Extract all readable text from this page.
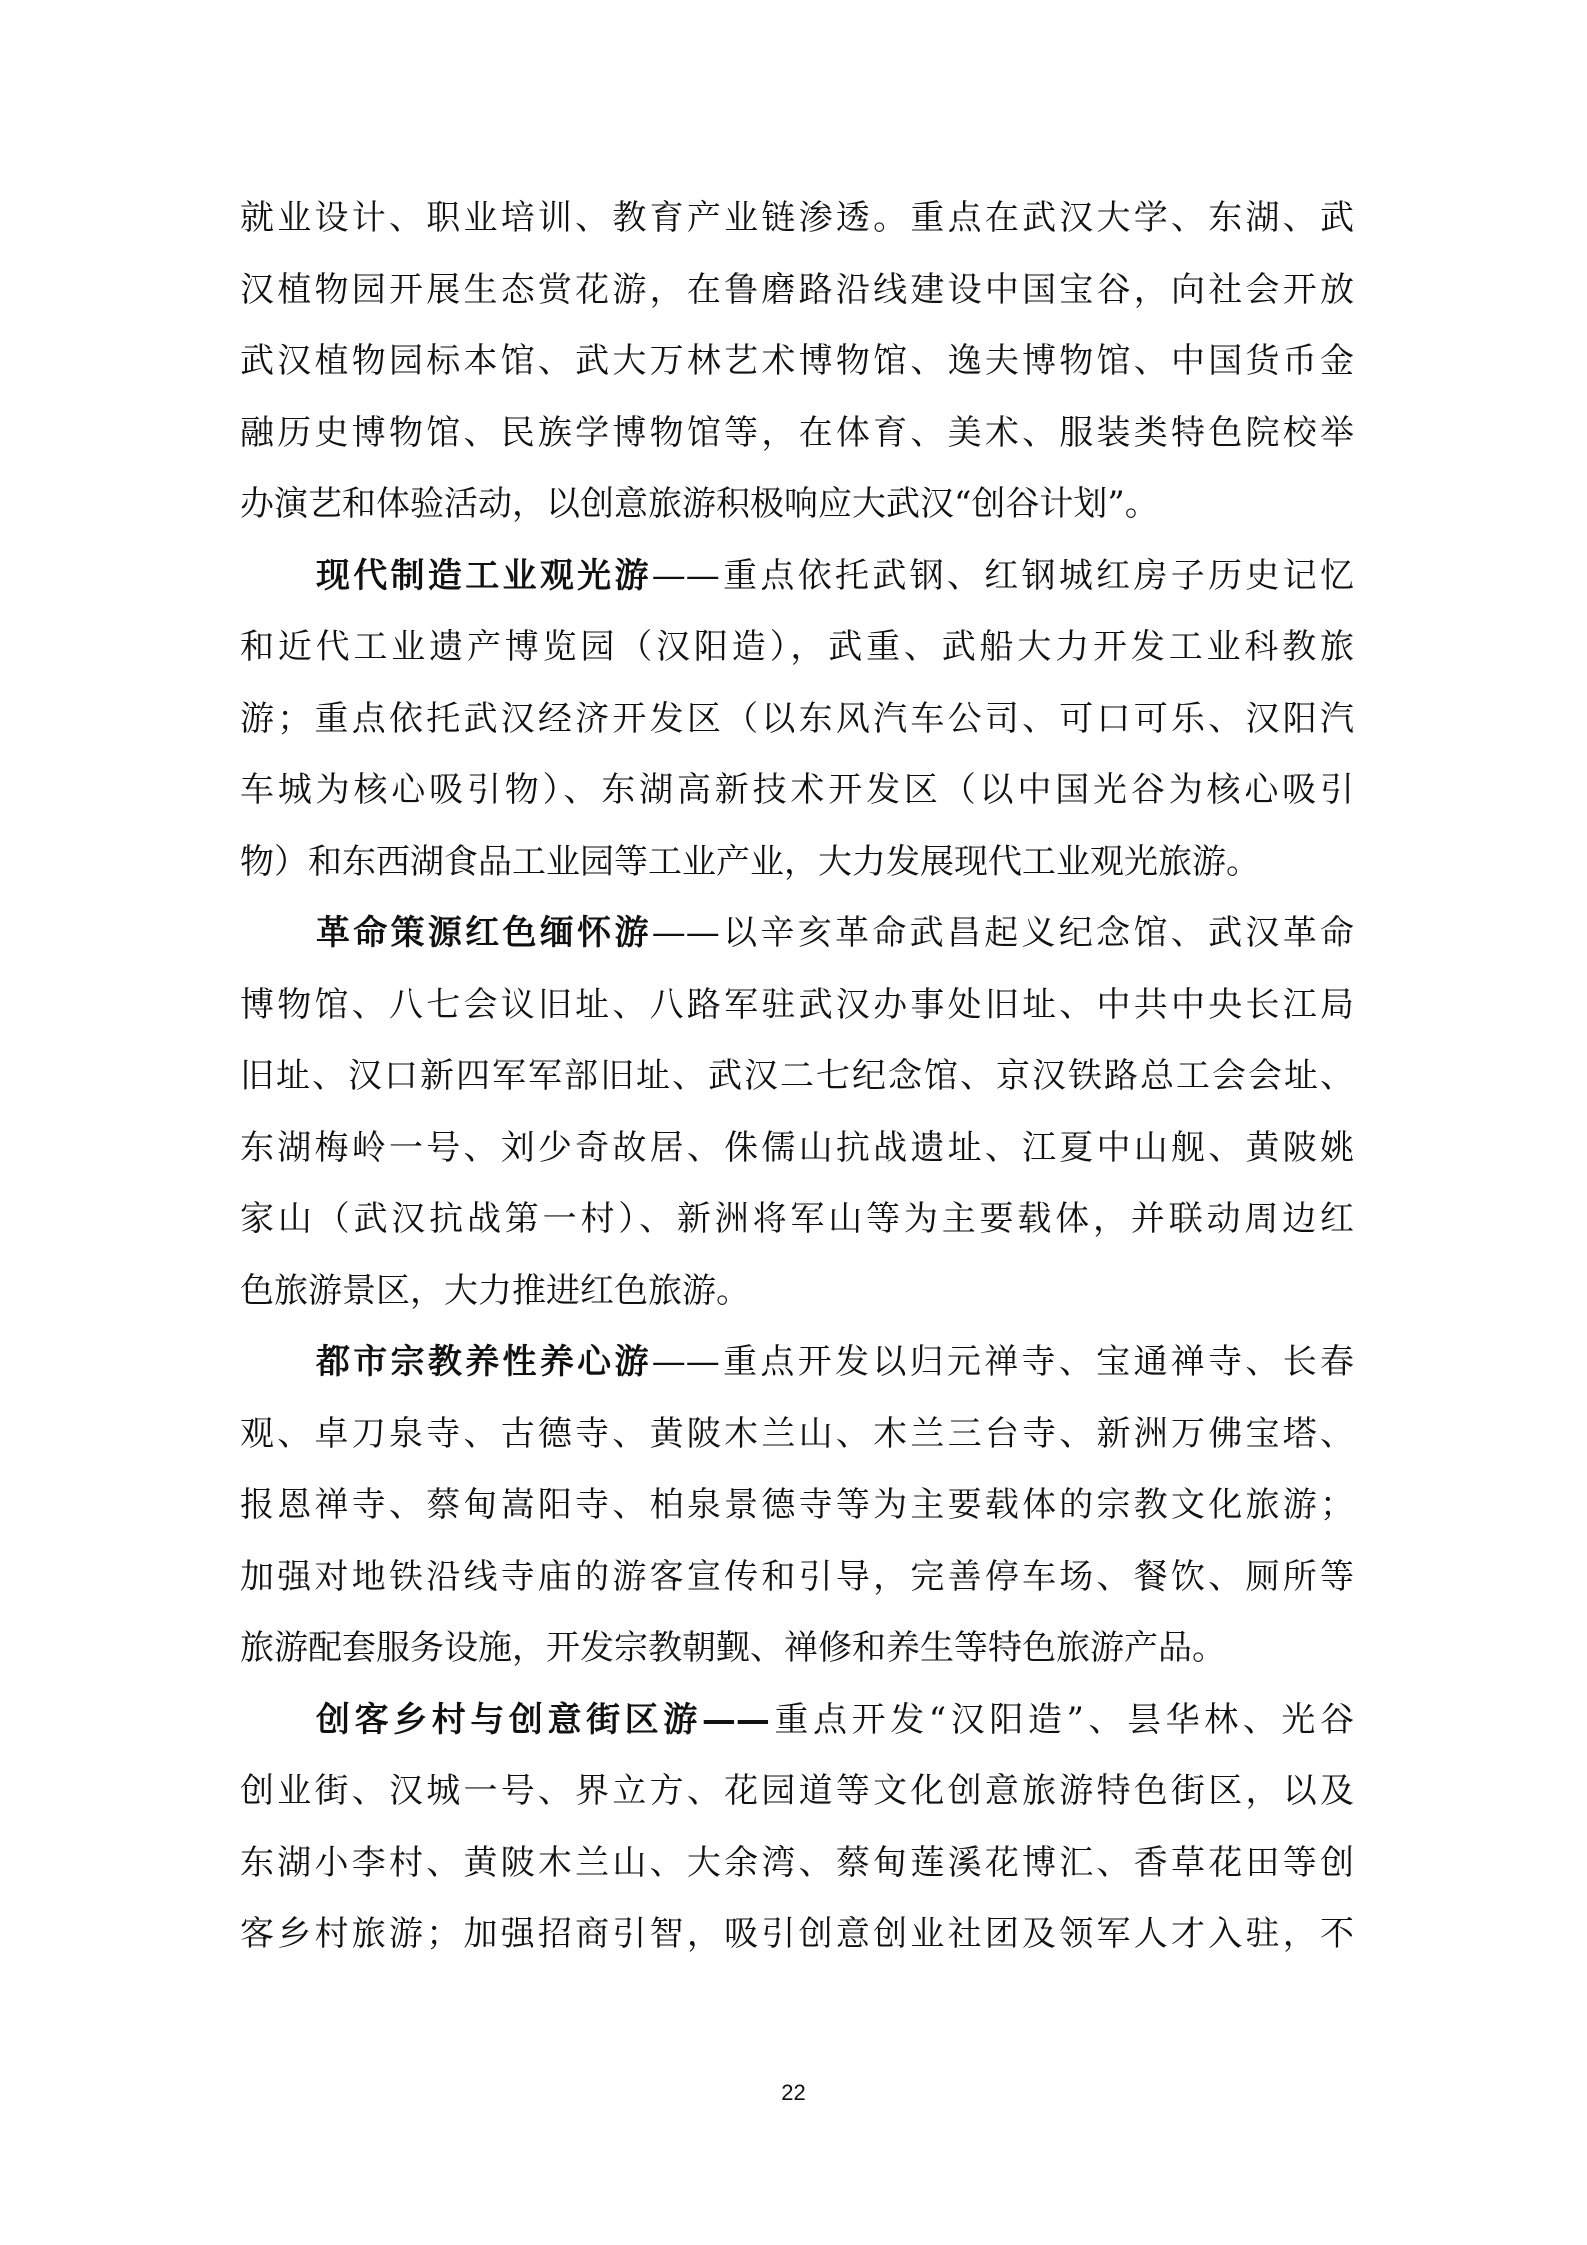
就业设计、职业培训、教育产业链渗透。重点在武汉大学、东湖、武
汉植物园开展生态赏花游，在鲁磨路沿线建设中国宝谷，向社会开放
武汉植物园标本馆、武大万林艺术博物馆、逸夫博物馆、中国货币金
融历史博物馆、民族学博物馆等，在体育、美术、服装类特色院校举
办演艺和体验活动，以创意旅游积极响应大武汉“创谷计划”。
现代制造工业观光游——重点依托武钢、红钢城红房子历史记忆
和近代工业遗产博览园（汉阳造），武重、武船大力开发工业科教旅
游；重点依托武汉经济开发区（以东风汽车公司、可口可乐、汉阳汽
车城为核心吸引物）、东湖高新技术开发区（以中国光谷为核心吸引
物）和东西湖食品工业园等工业产业，大力发展现代工业观光旅游。
革命策源红色缅怀游——以辛亥革命武昌起义纪念馆、武汉革命
博物馆、八七会议旧址、八路军驻武汉办事处旧址、中共中央长江局
旧址、汉口新四军军部旧址、武汉二七纪念馆、京汉铁路总工会会址、
东湖梅岭一号、刘少奇故居、侏儒山抗战遗址、江夏中山舰、黄陂姚
家山（武汉抗战第一村）、新洲将军山等为主要载体，并联动周边红
色旅游景区，大力推进红色旅游。
都市宗教养性养心游——重点开发以归元禅寺、宝通禅寺、长春
观、卓刀泉寺、古德寺、黄陂木兰山、木兰三台寺、新洲万佛宝塔、
报恩禅寺、蔡甸嵩阳寺、柏泉景德寺等为主要载体的宗教文化旅游；
加强对地铁沿线寺庙的游客宣传和引导，完善停车场、餐饮、厕所等
旅游配套服务设施，开发宗教朝觐、禅修和养生等特色旅游产品。
创客乡村与创意街区游——重点开发“汉阳造”、昙华林、光谷
创业街、汉城一号、界立方、花园道等文化创意旅游特色街区，以及
东湖小李村、黄陂木兰山、大余湾、蔡甸莲溪花博汇、香草花田等创
客乡村旅游；加强招商引智，吸引创意创业社团及领军人才入驻，不
22
